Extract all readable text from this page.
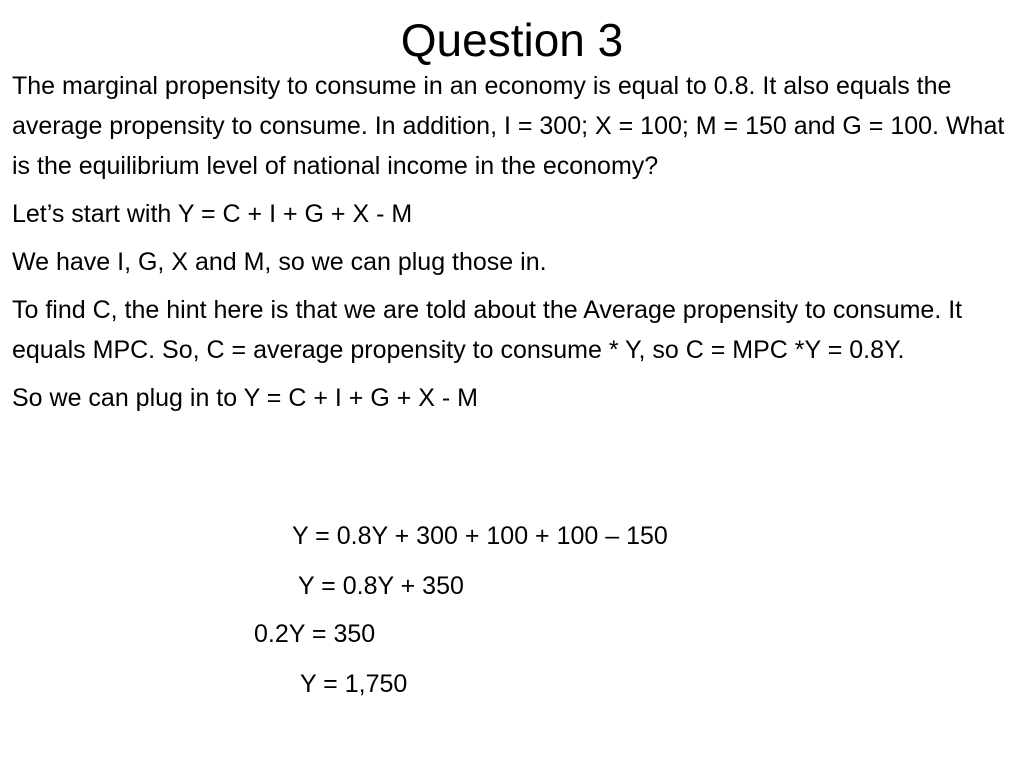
Question 3

The marginal propensity to consume in an economy is equal to 0.8. It also equals the average propensity to consume. In addition, I = 300; X = 100; M = 150 and G = 100. What is the equilibrium level of national income in the economy?

Let’s start with Y = C + I + G + X - M

We have I, G, X and M, so we can plug those in.

To find C, the hint here is that we are told about the Average propensity to consume. It equals MPC. So, C = average propensity to consume * Y, so C = MPC *Y = 0.8Y.

So we can plug in to Y = C + I + G + X - M

Y = 0.8Y + 300 + 100 + 100 – 150

Y = 0.8Y + 350

0.2Y = 350

Y = 1,750
